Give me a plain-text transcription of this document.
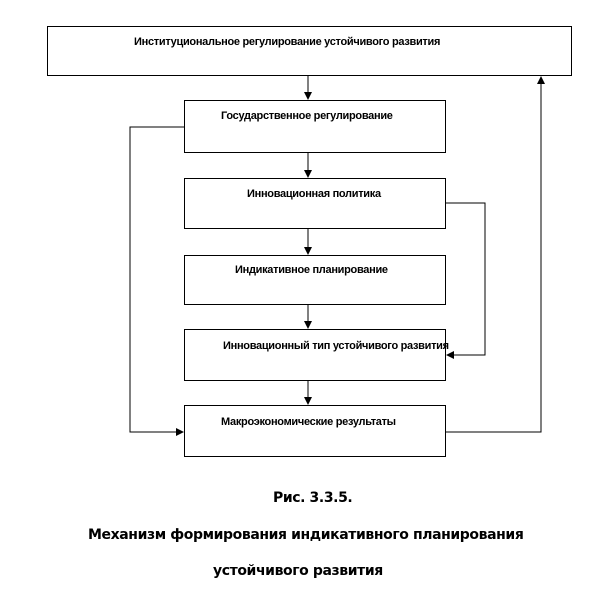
Институциональное регулирование устойчивого развития
Государственное регулирование
Инновационная политика
Индикативное планирование
Инновационный тип устойчивого развития
Макроэкономические результаты
Рис. 3.3.5.
Механизм формирования индикативного планирования
устойчивого развития
